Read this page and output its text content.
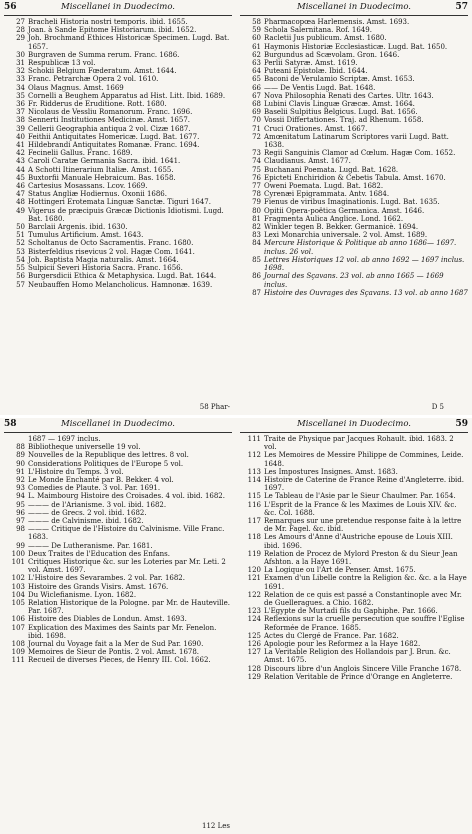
56	Miscellanei in Duodecimo.
27 Bracheli Historia nostri temporis. ibid. 1655.
28 Joan. à Sande Epitome Historiarum. ibid. 1652.
29 Joh. Brochmand Ethices Historicæ Specimen. Lugd. Bat. 1657.
30 Burgraven de Summa rerum. Franc. 1686.
31 Respublicæ 13 vol.
32 Schokii Belgium Fœderatum. Amst. 1644.
33 Franc. Petrarchæ Opera 2 vol. 1610.
34 Olaus Magnus. Amst. 1669
35 Cornelli a Beughem Apparatus ad Hist. Litt. Ibid. 1689.
36 Fr. Ridderus de Eruditione. Rott. 1680.
37 Nicolaus de Vessliu Romanorum. Franc. 1696.
38 Sennerti Institutiones Medicinæ. Amst. 1657.
39 Cellerii Geographia antiqua 2 vol. Cizæ 1687.
40 Feithii Antiquitates Homericæ. Lugd. Bat. 1677.
41 Hildebrandi Antiquitates Romanæ. Franc. 1694.
42 Fecinelii Gallus. Franc. 1689.
43 Caroli Caratæ Germania Sacra. ibid. 1641.
44 A Schotti Itinerarium Italiæ. Amst. 1655.
45 Buxtorfii Manuale Hebraicum. Bas. 1658.
46 Cartesius Mosassans. Lcov. 1669.
47 Status Angliæ Hodiernus. Oxonii 1686.
48 Hottingeri Erotemata Linguæ Sanctæ. Tiguri 1647.
49 Vigerus de præcipuis Græcæ Dictionis Idiotismi. Lugd. Bat. 1680.
50 Barclaii Argenis. ibid. 1630.
51 Tumulus Artificium. Amst. 1643.
52 Scholtanus de Octo Sacramentis. Franc. 1680.
53 Bisterfeldius risevicus 2 vol. Hagæ Com. 1641.
54 Joh. Baptista Magia naturalis. Amst. 1664.
55 Sulpicii Severi Historia Sacra. Franc. 1656.
56 Burgersdicii Ethica & Metaphysica. Lugd. Bat. 1644.
57 Neubauffen Homo Melancholicus. Hamnonæ. 1639.
58 Phar-
57
Miscellanei in Duodecimo.
58 Pharmacopœa Harlemensis. Amst. 1693.
59 Schola Salernitana. Rof. 1649.
60 Racletii Jus publicum. Amst. 1680.
61 Haymonis Historiæ Ecclesiasticæ. Lugd. Bat. 1650.
62 Burgundus ad Scævolam. Gron. 1646.
63 Perlii Satyræ. Amst. 1619.
64 Puteani Epistolæ. Ibid. 1644.
65 Baconi de Verulamio Scriptæ. Amst. 1653.
66 —— De Ventis Lugd. Bat. 1648.
67 Nova Philosophia Renati des Cartes. Ultr. 1643.
68 Lubini Clavis Linguæ Græcæ. Amst. 1664.
69 Baselii Sulpitius Belgicus. Lugd. Bat. 1656.
70 Vossii Differtationes. Traj. ad Rhenum. 1658.
71 Cruci Orationes. Amst. 1667.
72 Amœnitatum Latinarum Scriptores varii Lugd. Batt. 1638.
73 Regii Sanguinis Clamor ad Cœlum. Hagæ Com. 1652.
74 Claudianus. Amst. 1677.
75 Buchanani Poemata. Lugd. Bat. 1628.
76 Epicteti Enchiridion & Cebetis Tabula. Amst. 1670.
77 Oweni Poemata. Lugd. Bat. 1682.
78 Cyrenæi Epigrammata. Antv. 1684.
79 Fienus de viribus Imaginationis. Lugd. Bat. 1635.
80 Opitii Opera-poëtica Germanica. Amst. 1646.
81 Fragmenta Aulica Anglice. Lond. 1662.
82 Winkler tegen B. Bekker. Germanicè. 1694.
83 Lexi Monarchia universale. 2 vol. Amst. 1689.
84 Mercure Historique & Politique ab anno 1686— 1697. inclus. 26 vol.
85 Lettres Historiques 12 vol. ab anno 1692 — 1697 inclus. 1698.
86 Journal des Sçavans. 23 vol. ab anno 1665 — 1669 inclus.
87 Histoire des Ouvrages des Sçavans. 13 vol. ab anno 1687
D 5
58	Miscellanei in Duodecimo.
1687 — 1697 inclus.
88 Bibliotheque universelle 19 vol.
89 Nouvelles de la Republique des lettres. 8 vol.
90 Considerations Politiques de l'Europe 5 vol.
91 L'Histoire du Temps. 3 vol.
92 Le Monde Enchanté par B. Bekker. 4 vol.
93 Comedies de Plaute. 3 vol. Par. 1691.
94 L. Maimbourg Histoire des Croisades. 4 vol. ibid. 1682.
95 ——— de l'Arianisme. 3 vol. ibid. 1682.
96 ——— de Grecs. 2 vol. ibid. 1682.
97 ——— de Calvinisme. ibid. 1682.
98 ——— Critique de l'Histoire du Calvinisme. Ville Franc. 1683.
99 ——— De Lutheranisme. Par. 1681.
100 Deux Traites de l'Education des Enfans.
101 Critiques Historique &c. sur les Loteries par Mr. Leti. 2 vol. Amst. 1697.
102 L'Histoire des Sevarambes. 2 vol. Par. 1682.
103 Histoire des Grands Visirs. Amst. 1676.
104 Du Wiclefianisme. Lyon. 1682.
105 Relation Historique de la Pologne. par Mr. de Hauteville. Par. 1687.
106 Histoire des Diables de Londun. Amst. 1693.
107 Explication des Maximes des Saints par Mr. Fenelon. ibid. 1698.
108 Journal du Voyage fait a la Mer de Sud Par. 1690.
109 Memoires de Sieur de Pontis. 2 vol. Amst. 1678.
111 Recueil de diverses Pieces, de Henry III. Col. 1662.
112 Les
59
Miscellanei in Duodecimo.
111 Traite de Physique par Jacques Rohault. ibid. 1683. 2 vol.
112 Les Memoires de Messire Philippe de Commines, Leide. 1648.
113 Les Impostures Insignes. Amst. 1683.
114 Histoire de Caterine de France Reine d'Angleterre. ibid. 1697.
115 Le Tableau de l'Asie par le Sieur Chaulmer. Par. 1654.
116 L'Esprit de la France & les Maximes de Louis XIV. &c. &c. Col. 1688.
117 Remarques sur une pretendue response faite à la lettre de Mr. Fagel. &c. ibid.
118 Les Amours d'Anne d'Austriche epouse de Louis XIII. ibid. 1696.
119 Relation de Procez de Mylord Preston & du Sieur Jean Afshton. a la Haye 1691.
120 La Logique ou l'Art de Penser. Amst. 1675.
121 Examen d'un Libelle contre la Religion &c. &c. a la Haye 1691.
122 Relation de ce quis est passé a Constantinople avec Mr. de Guelleragues. a Chio. 1682.
123 L'Egypte de Murtadi fils du Gaphiphe. Par. 1666.
124 Reflexions sur la cruelle persecution que souffre l'Eglise Reformée de France. 1685.
125 Actes du Clergé de France. Par. 1682.
126 Apologie pour les Reformez a la Haye 1682.
127 La Veritable Religion des Hollandois par J. Brun. &c. Amst. 1675.
128 Discours libre d'un Anglois Sincere Ville Franche 1678.
129 Relation Veritable de Prince d'Orange en Angleterre.
